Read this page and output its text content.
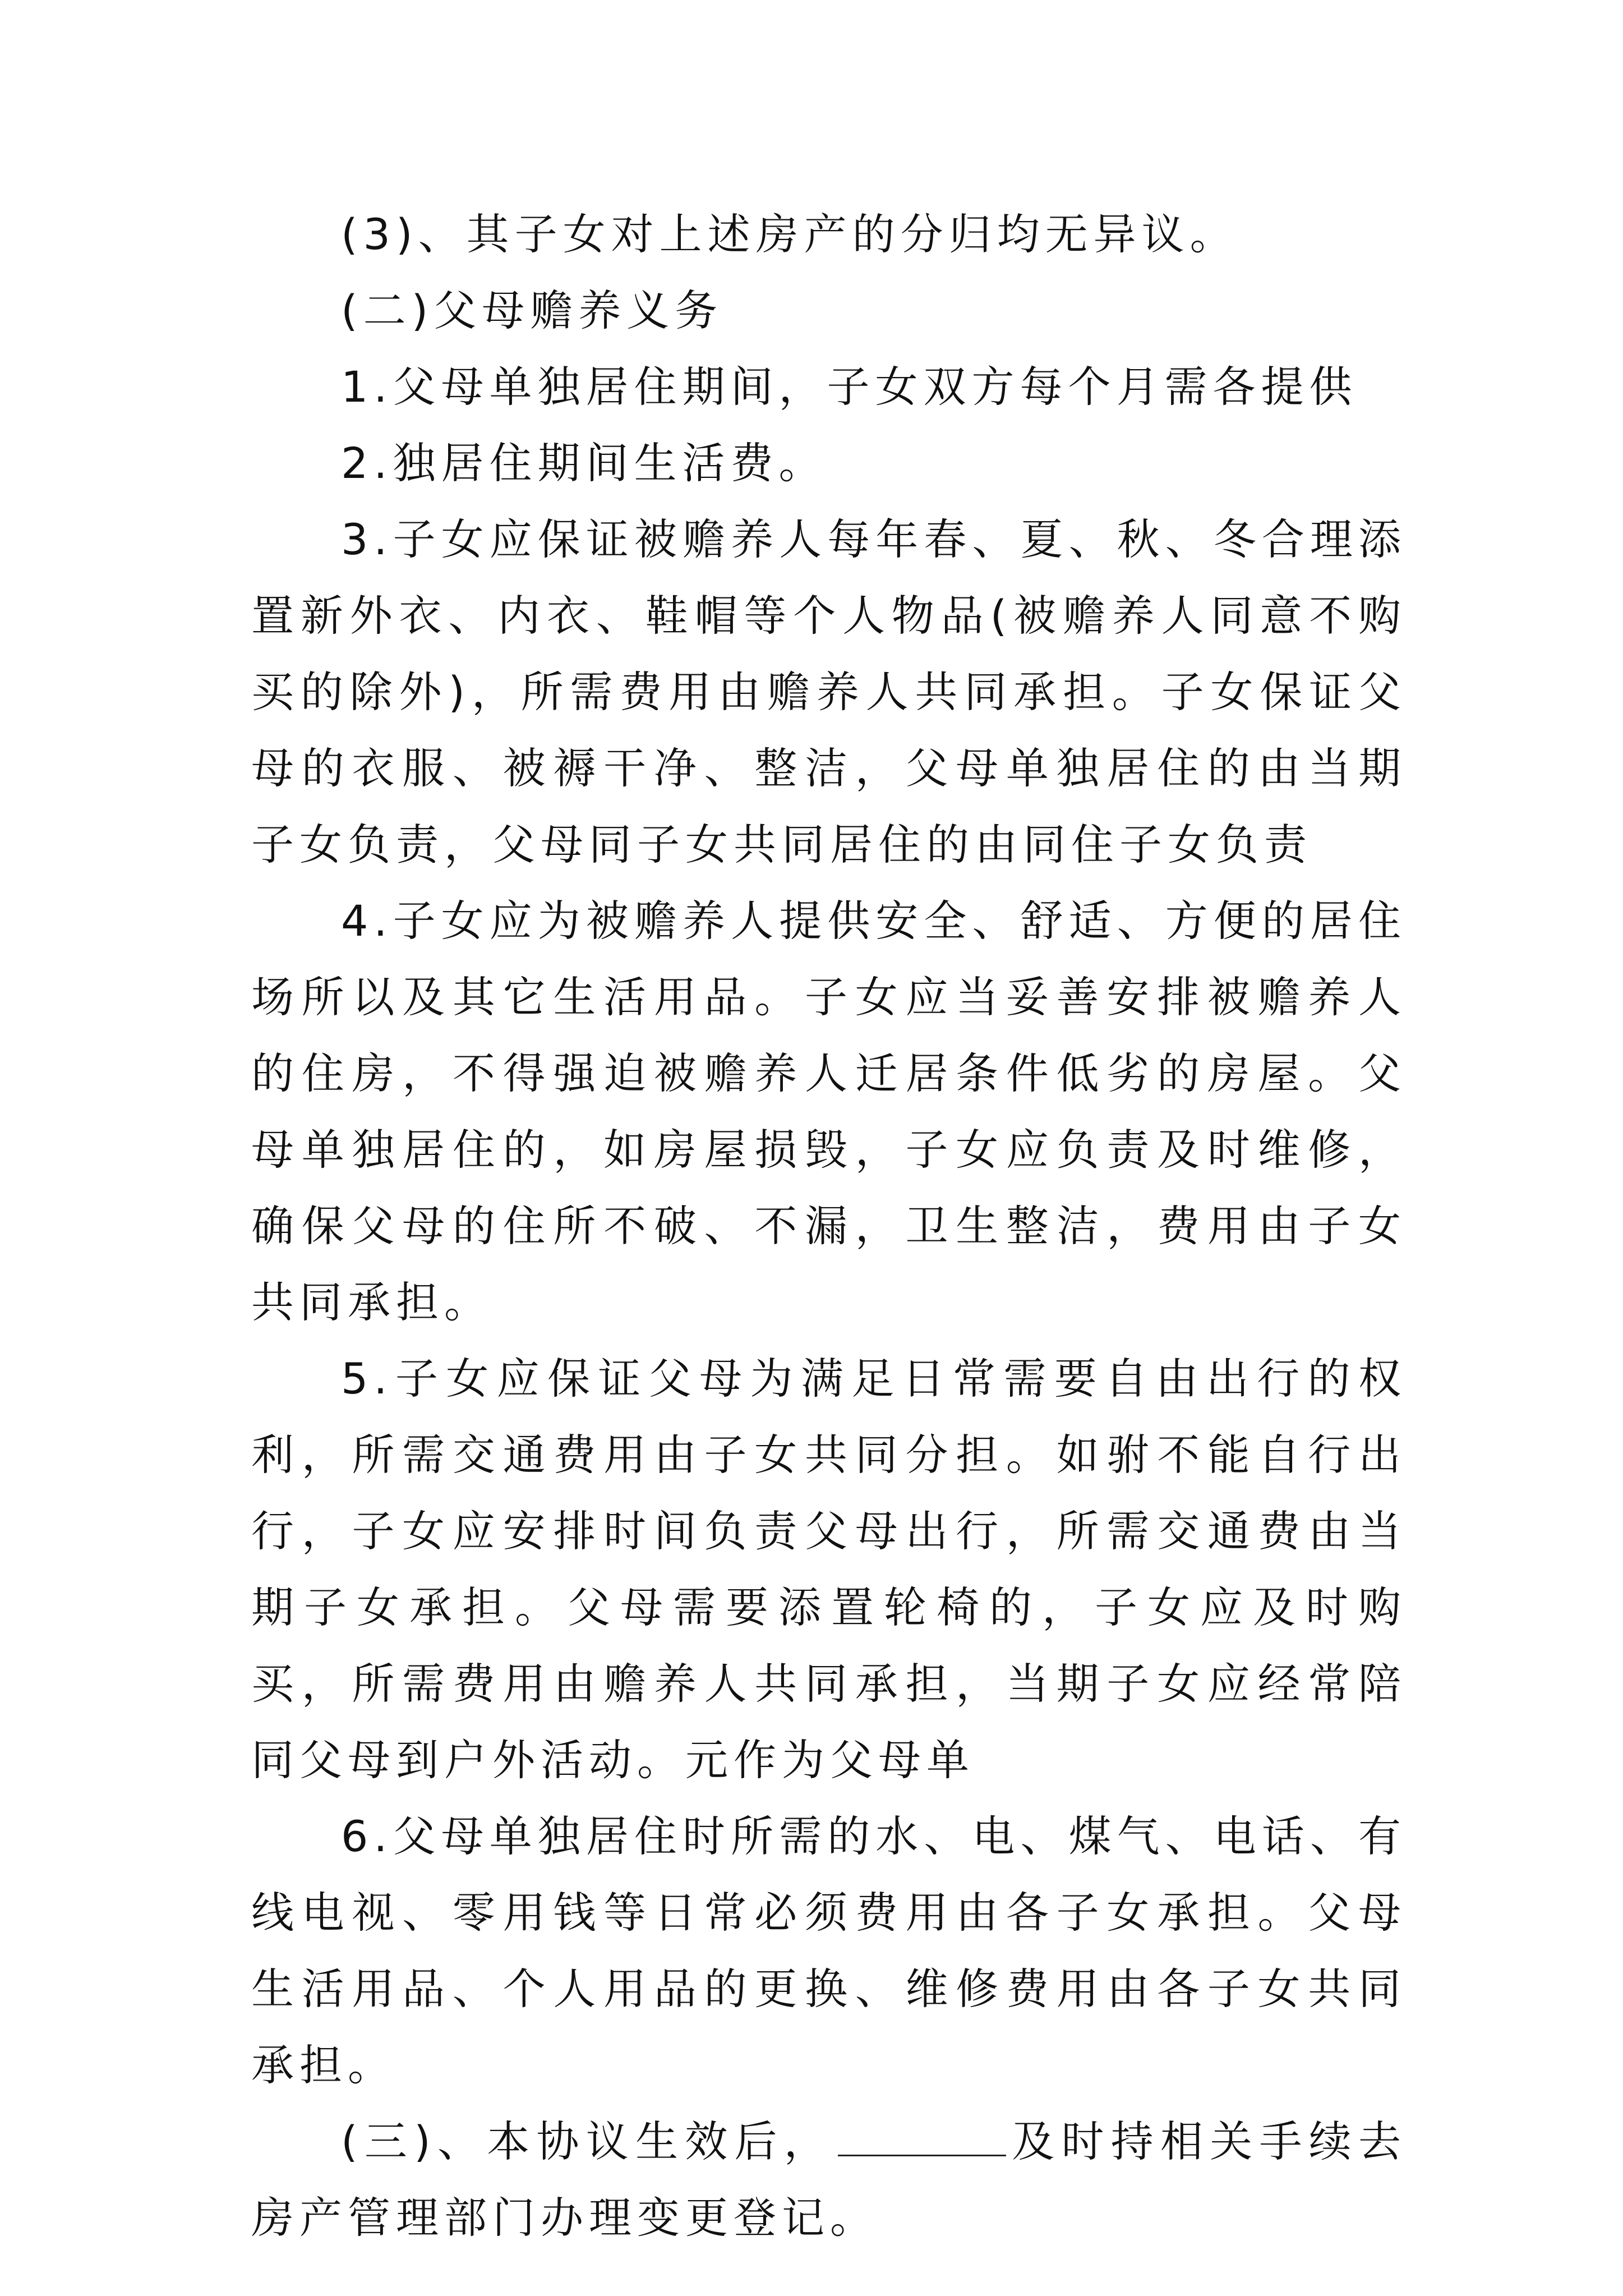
(3)、其子女对上述房产的分归均无异议。

(二)父母赡养义务

1.父母单独居住期间，子女双方每个月需各提供

2.独居住期间生活费。

3.子女应保证被赡养人每年春、夏、秋、冬合理添置新外衣、内衣、鞋帽等个人物品(被赡养人同意不购买的除外)，所需费用由赡养人共同承担。子女保证父母的衣服、被褥干净、整洁，父母单独居住的由当期子女负责，父母同子女共同居住的由同住子女负责

4.子女应为被赡养人提供安全、舒适、方便的居住场所以及其它生活用品。子女应当妥善安排被赡养人的住房，不得强迫被赡养人迁居条件低劣的房屋。父母单独居住的，如房屋损毁，子女应负责及时维修，确保父母的住所不破、不漏，卫生整洁，费用由子女共同承担。

5.子女应保证父母为满足日常需要自由出行的权利，所需交通费用由子女共同分担。如驸不能自行出行，子女应安排时间负责父母出行，所需交通费由当期子女承担。父母需要添置轮椅的，子女应及时购买，所需费用由赡养人共同承担，当期子女应经常陪同父母到户外活动。元作为父母单

6.父母单独居住时所需的水、电、煤气、电话、有线电视、零用钱等日常必须费用由各子女承担。父母生活用品、个人用品的更换、维修费用由各子女共同承担。

(三)、本协议生效后，	及时持相关手续去房产管理部门办理变更登记。
